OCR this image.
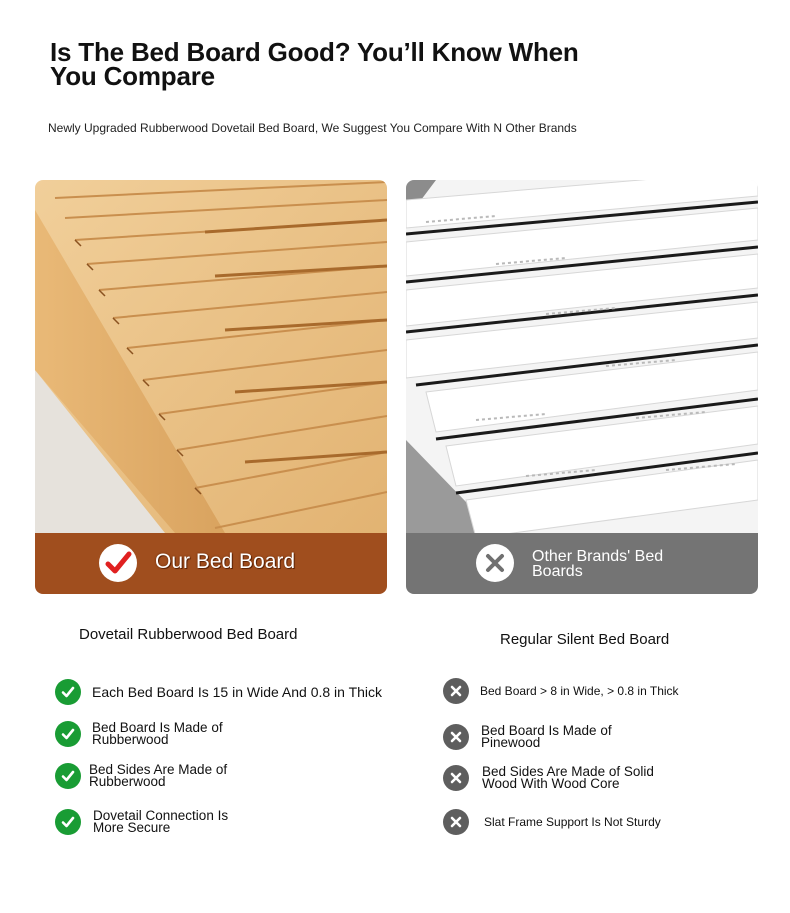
Is The Bed Board Good? You’ll Know When You Compare
Newly Upgraded Rubberwood Dovetail Bed Board, We Suggest You Compare With N Other Brands
Our Bed Board	Other Brands' Bed Boards
Dovetail Rubberwood Bed Board	Regular Silent Bed Board
Each Bed Board Is 15 in Wide And 0.8 in Thick
Bed Board Is Made of Rubberwood
Bed Sides Are Made of Rubberwood
Dovetail Connection Is More Secure
Bed Board > 8 in Wide, > 0.8 in Thick
Bed Board Is Made of Pinewood
Bed Sides Are Made of Solid Wood With Wood Core
Slat Frame Support Is Not Sturdy
